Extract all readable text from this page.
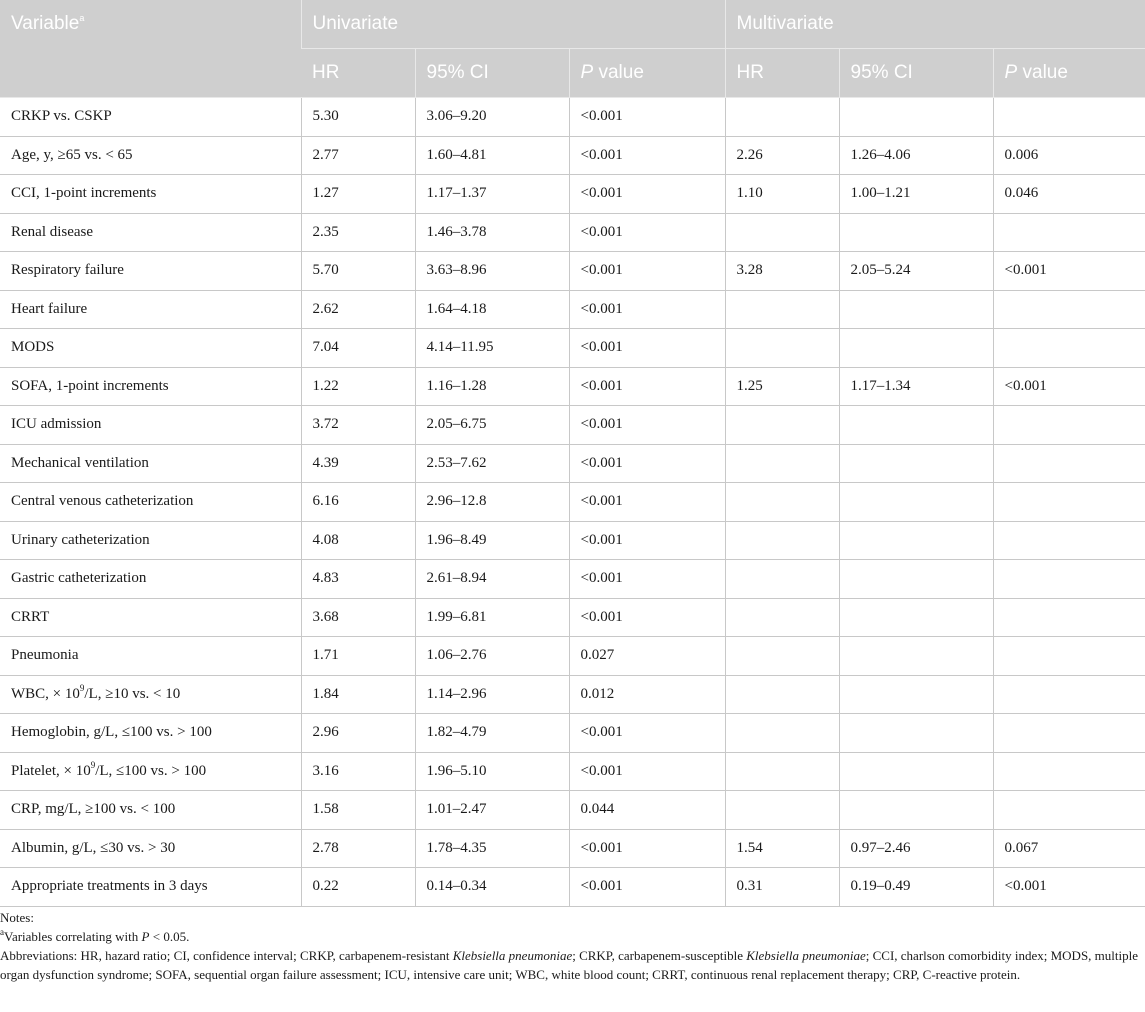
Variable$^a$	Univariate			Multivariate		
	HR	95% CI	P value	HR	95% CI	P value
CRKP vs. CSKP	5.30	3.06–9.20	<0.001			
Age, y, ≥65 vs. < 65	2.77	1.60–4.81	<0.001	2.26	1.26–4.06	0.006
CCI, 1-point increments	1.27	1.17–1.37	<0.001	1.10	1.00–1.21	0.046
Renal disease	2.35	1.46–3.78	<0.001			
Respiratory failure	5.70	3.63–8.96	<0.001	3.28	2.05–5.24	<0.001
Heart failure	2.62	1.64–4.18	<0.001			
MODS	7.04	4.14–11.95	<0.001			
SOFA, 1-point increments	1.22	1.16–1.28	<0.001	1.25	1.17–1.34	<0.001
ICU admission	3.72	2.05–6.75	<0.001			
Mechanical ventilation	4.39	2.53–7.62	<0.001			
Central venous catheterization	6.16	2.96–12.8	<0.001			
Urinary catheterization	4.08	1.96–8.49	<0.001			
Gastric catheterization	4.83	2.61–8.94	<0.001			
CRRT	3.68	1.99–6.81	<0.001			
Pneumonia	1.71	1.06–2.76	0.027			
WBC, × $10^9/L$, ≥10 vs. < 10	1.84	1.14–2.96	0.012			
Hemoglobin, g/L, ≤100 vs. > 100	2.96	1.82–4.79	<0.001			
Platelet, × $10^9/L$, ≤100 vs. > 100	3.16	1.96–5.10	<0.001			
CRP, mg/L, ≥100 vs. < 100	1.58	1.01–2.47	0.044			
Albumin, g/L, ≤30 vs. > 30	2.78	1.78–4.35	<0.001	1.54	0.97–2.46	0.067
Appropriate treatments in 3 days	0.22	0.14–0.34	<0.001	0.31	0.19–0.49	<0.001

Notes:

$^a$Variables correlating with P < 0.05.

Abbreviations: HR, hazard ratio; CI, confidence interval; CRKP, carbapenem-resistant Klebsiella pneumoniae; CRKP, carbapenem-susceptible Klebsiella pneumoniae; CCI, charlson comorbidity index; MODS, multiple organ dysfunction syndrome; SOFA, sequential organ failure assessment; ICU, intensive care unit; WBC, white blood count; CRRT, continuous renal replacement therapy; CRP, C-reactive protein.
